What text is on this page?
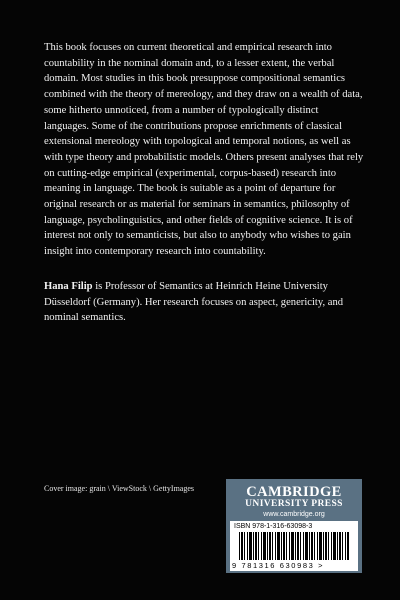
This book focuses on current theoretical and empirical research into countability in the nominal domain and, to a lesser extent, the verbal domain. Most studies in this book presuppose compositional semantics combined with the theory of mereology, and they draw on a wealth of data, some hitherto unnoticed, from a number of typologically distinct languages. Some of the contributions propose enrichments of classical extensional mereology with topological and temporal notions, as well as with type theory and probabilistic models. Others present analyses that rely on cutting-edge empirical (experimental, corpus-based) research into meaning in language. The book is suitable as a point of departure for original research or as material for seminars in semantics, philosophy of language, psycholinguistics, and other fields of cognitive science. It is of interest not only to semanticists, but also to anybody who wishes to gain insight into contemporary research into countability.

Hana Filip is Professor of Semantics at Heinrich Heine University Düsseldorf (Germany). Her research focuses on aspect, genericity, and nominal semantics.

Cover image: grain \ ViewStock \ GettyImages	CAMBRIDGE
UNIVERSITY PRESS
www.cambridge.org
ISBN 978-1-316-63098-3
9 781316 630983 >
